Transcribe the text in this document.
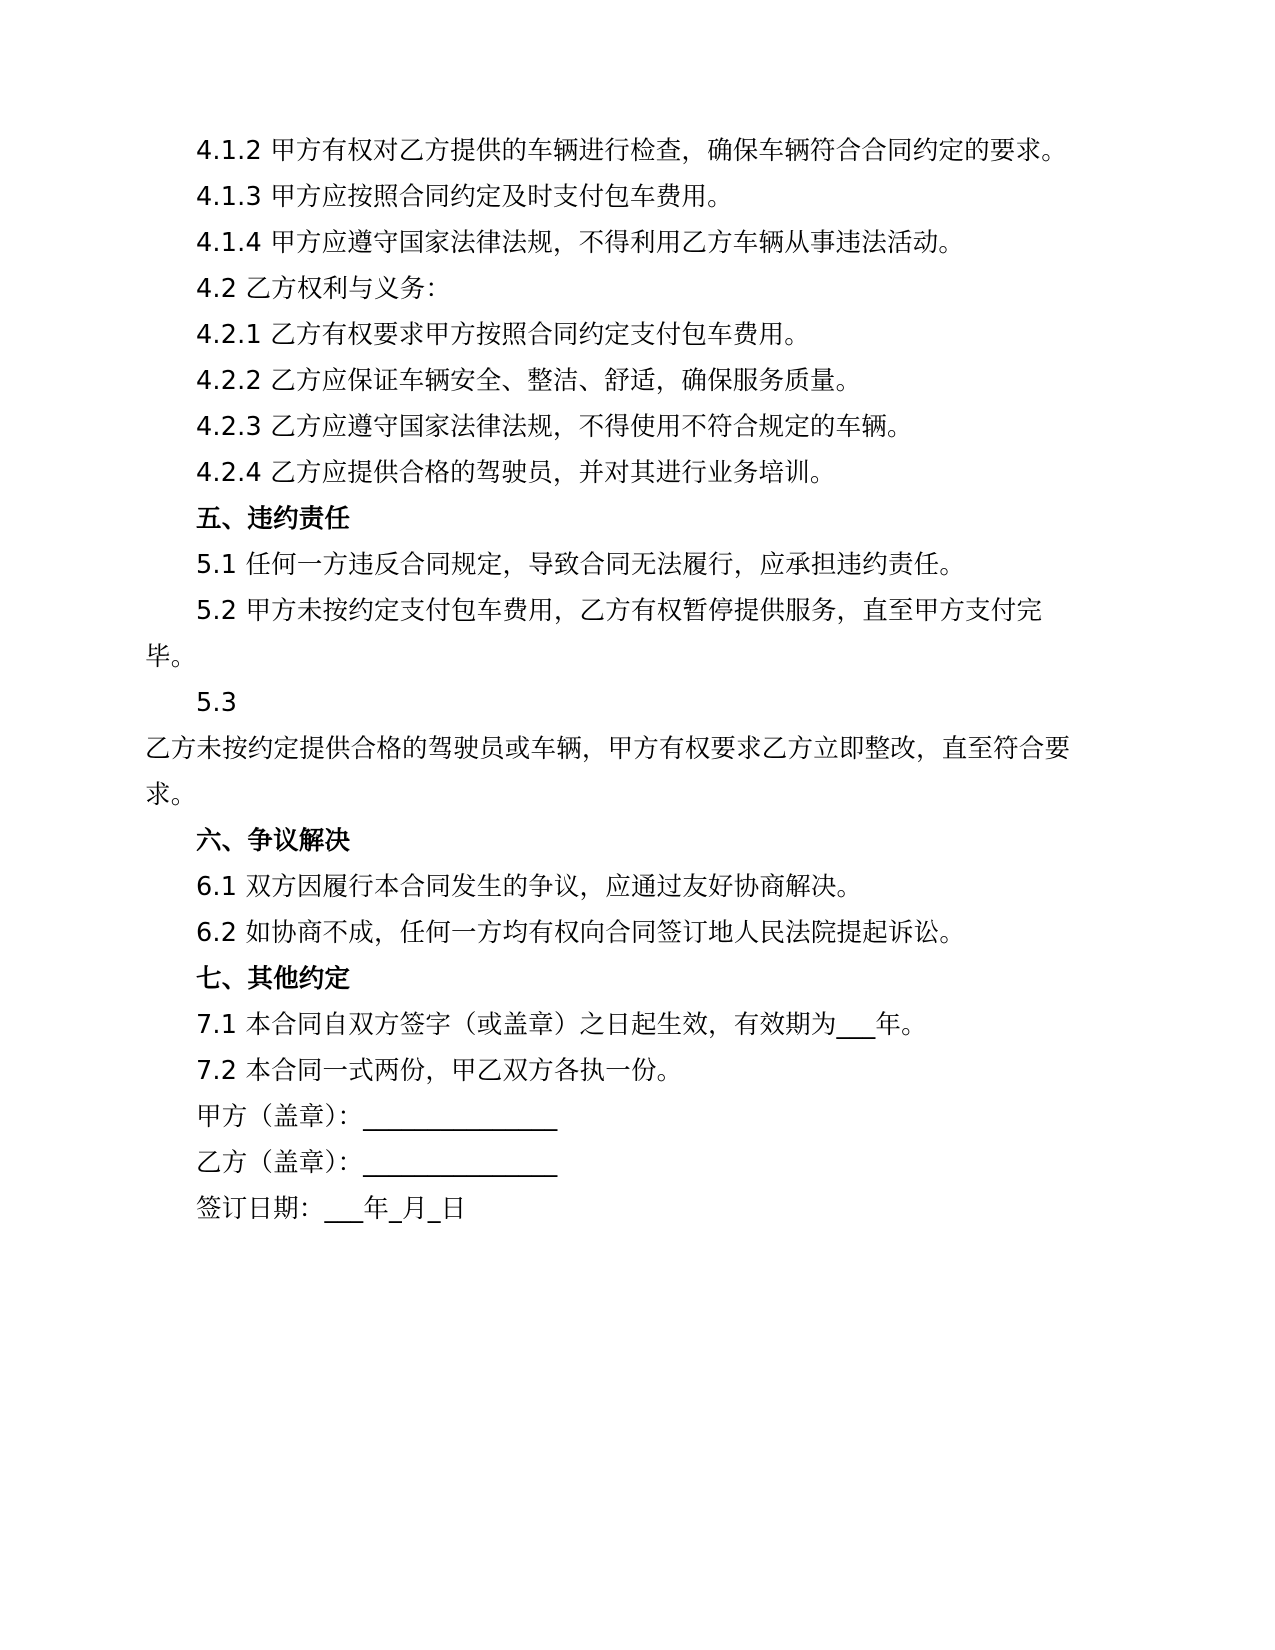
4.1.2 甲方有权对乙方提供的车辆进行检查，确保车辆符合合同约定的要求。

4.1.3 甲方应按照合同约定及时支付包车费用。

4.1.4 甲方应遵守国家法律法规，不得利用乙方车辆从事违法活动。

4.2 乙方权利与义务：

4.2.1 乙方有权要求甲方按照合同约定支付包车费用。

4.2.2 乙方应保证车辆安全、整洁、舒适，确保服务质量。

4.2.3 乙方应遵守国家法律法规，不得使用不符合规定的车辆。

4.2.4 乙方应提供合格的驾驶员，并对其进行业务培训。

五、违约责任

5.1 任何一方违反合同规定，导致合同无法履行，应承担违约责任。

5.2 甲方未按约定支付包车费用，乙方有权暂停提供服务，直至甲方支付完毕。

5.3

乙方未按约定提供合格的驾驶员或车辆，甲方有权要求乙方立即整改，直至符合要求。

六、争议解决

6.1 双方因履行本合同发生的争议，应通过友好协商解决。

6.2 如协商不成，任何一方均有权向合同签订地人民法院提起诉讼。

七、其他约定

7.1 本合同自双方签字（或盖章）之日起生效，有效期为___年。

7.2 本合同一式两份，甲乙双方各执一份。

甲方（盖章）：_______________

乙方（盖章）：_______________

签订日期：___年_月_日
